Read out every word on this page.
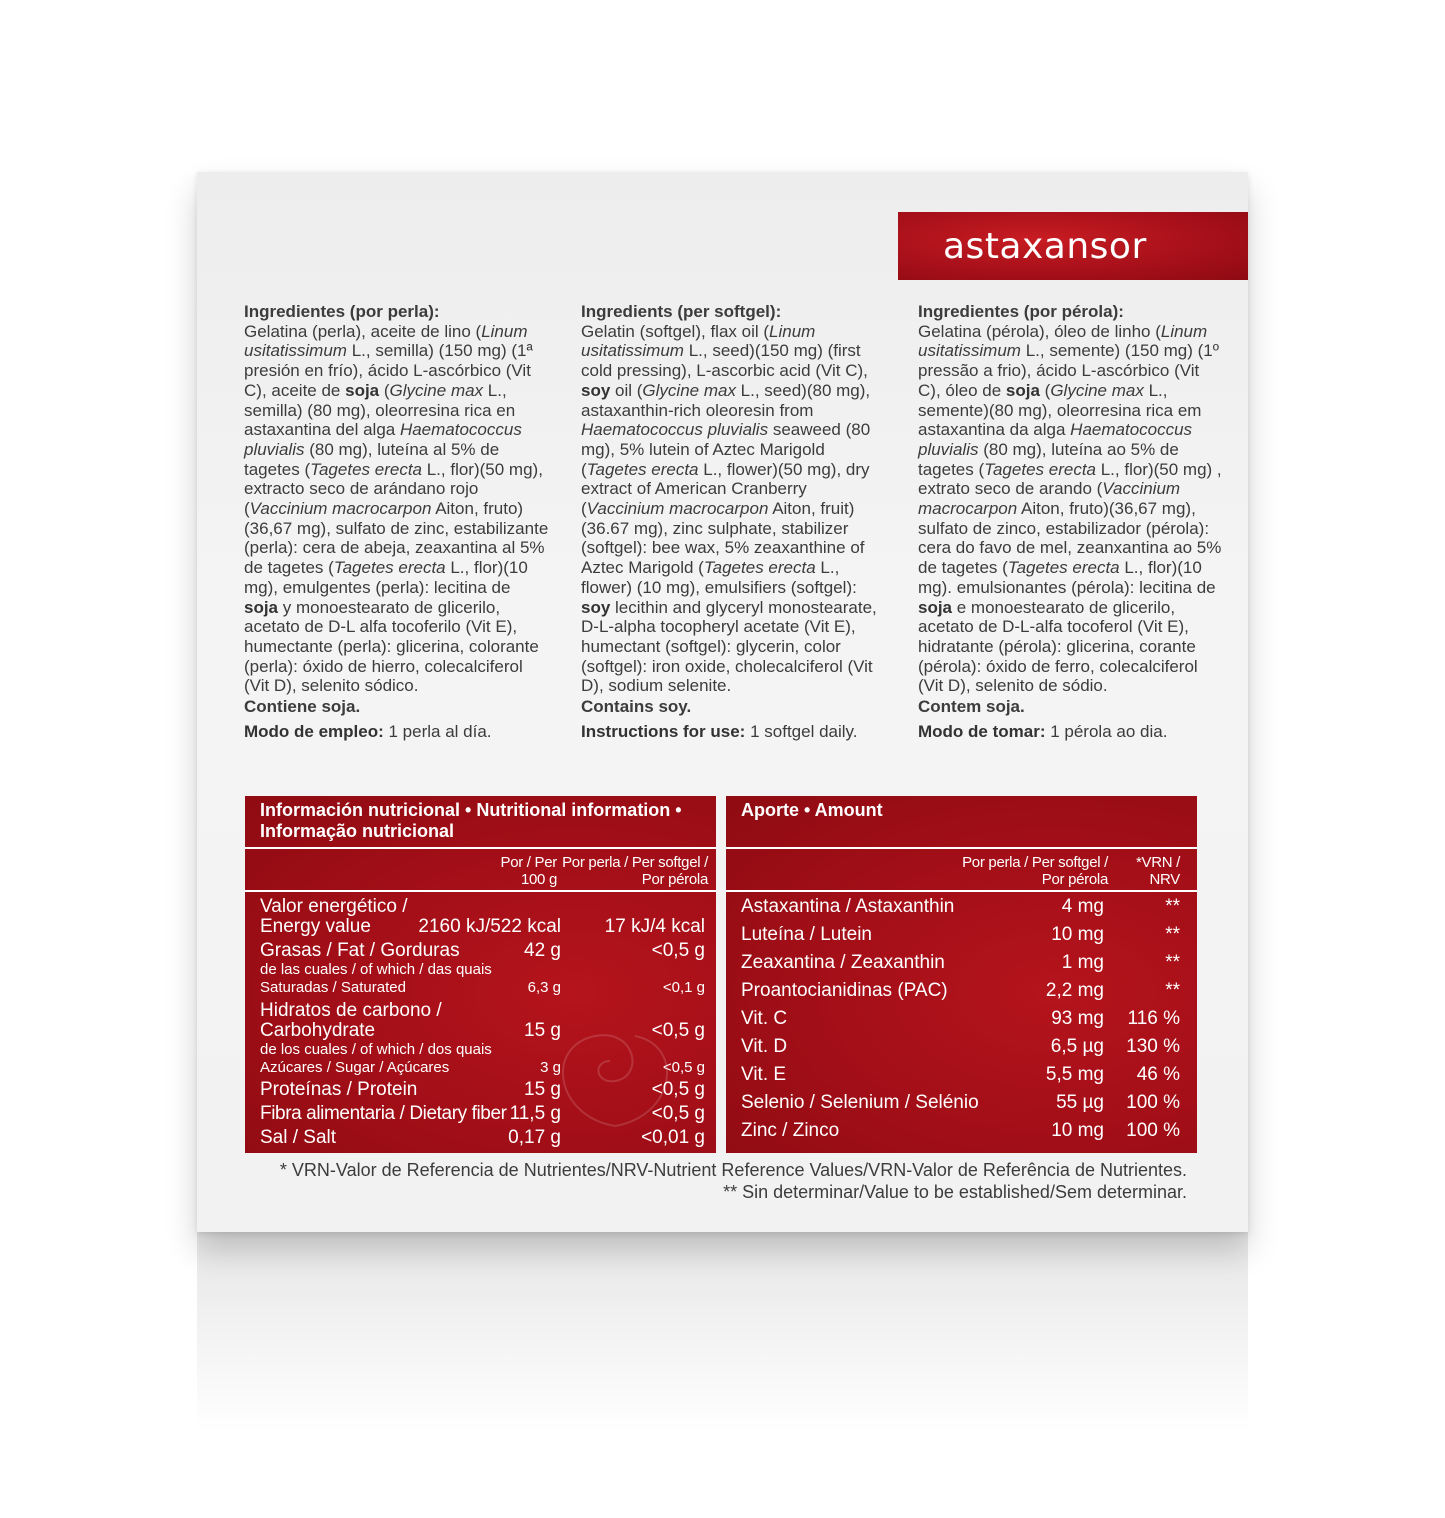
astaxansor
Ingredientes (por perla):
Gelatina (perla), aceite de lino (Linum usitatissimum L., semilla) (150 mg) (1ª presión en frío), ácido L-ascórbico (Vit C), aceite de soja (Glycine max L., semilla) (80 mg), oleorresina rica en astaxantina del alga Haematococcus pluvialis (80 mg), luteína al 5% de tagetes (Tagetes erecta L., flor)(50 mg), extracto seco de arándano rojo (Vaccinium macrocarpon Aiton, fruto) (36,67 mg), sulfato de zinc, estabilizante (perla): cera de abeja, zeaxantina al 5% de tagetes (Tagetes erecta L., flor)(10 mg), emulgentes (perla): lecitina de soja y monoestearato de glicerilo, acetato de D-L alfa tocoferilo (Vit E), humectante (perla): glicerina, colorante (perla): óxido de hierro, colecalciferol (Vit D), selenito sódico.
Contiene soja.
Modo de empleo: 1 perla al día.
Ingredients (per softgel):
Gelatin (softgel), flax oil (Linum usitatissimum L., seed)(150 mg) (first cold pressing), L-ascorbic acid (Vit C), soy oil (Glycine max L., seed)(80 mg), astaxanthin-rich oleoresin from Haematococcus pluvialis seaweed (80 mg), 5% lutein of Aztec Marigold (Tagetes erecta L., flower)(50 mg), dry extract of American Cranberry (Vaccinium macrocarpon Aiton, fruit)(36.67 mg), zinc sulphate, stabilizer (softgel): bee wax, 5% zeaxanthine of Aztec Marigold (Tagetes erecta L., flower) (10 mg), emulsifiers (softgel): soy lecithin and glyceryl monostearate, D-L-alpha tocopheryl acetate (Vit E), humectant (softgel): glycerin, color (softgel): iron oxide, cholecalciferol (Vit D), sodium selenite.
Contains soy.
Instructions for use: 1 softgel daily.
Ingredientes (por pérola):
Gelatina (pérola), óleo de linho (Linum usitatissimum L., semente) (150 mg) (1º pressão a frio), ácido L-ascórbico (Vit C), óleo de soja (Glycine max L., semente)(80 mg), oleorresina rica em astaxantina da alga Haematococcus pluvialis (80 mg), luteína ao 5% de tagetes (Tagetes erecta L., flor)(50 mg) , extrato seco de arando (Vaccinium macrocarpon Aiton, fruto)(36,67 mg), sulfato de zinco, estabilizador (pérola): cera do favo de mel, zeanxantina ao 5% de tagetes (Tagetes erecta L., flor)(10 mg). emulsionantes (pérola): lecitina de soja e monoestearato de glicerilo, acetato de D-L-alfa tocoferol (Vit E), hidratante (pérola): glicerina, corante (pérola): óxido de ferro, colecalciferol (Vit D), selenito de sódio.
Contem soja.
Modo de tomar: 1 pérola ao dia.
Información nutricional • Nutritional information •
Informação nutricional
Por / Per
100 g
Por perla / Per softgel /
Por pérola
Valor energético /
Energy value	2160 kJ/522 kcal 17 kJ/4 kcal
Grasas / Fat / Gorduras	42 g	<0,5 g
de las cuales / of which / das quais
Saturadas / Saturated	6,3 g	<0,1 g
Hidratos de carbono /
Carbohydrate	15 g	<0,5 g
de los cuales / of which / dos quais
Azúcares / Sugar / Açúcares	3 g	<0,5 g
Proteínas / Protein	15 g	<0,5 g
Fibra alimentaria / Dietary fiber 11,5 g	<0,5 g
Sal / Salt	0,17 g	<0,01 g
Aporte • Amount
Por perla / Per softgel /
Por pérola
*VRN /
NRV
Astaxantina / Astaxanthin	4 mg	**
Luteína / Lutein	10 mg	**
Zeaxantina / Zeaxanthin	1 mg	**
Proantocianidinas (PAC)	2,2 mg	**
Vit. C	93 mg 116 %
Vit. D	6,5 µg 130 %
Vit. E	5,5 mg 46 %
Selenio / Selenium / Selénio	55 µg 100 %
Zinc / Zinco	10 mg 100 %
* VRN-Valor de Referencia de Nutrientes/NRV-Nutrient Reference Values/VRN-Valor de Referência de Nutrientes.
** Sin determinar/Value to be established/Sem determinar.
